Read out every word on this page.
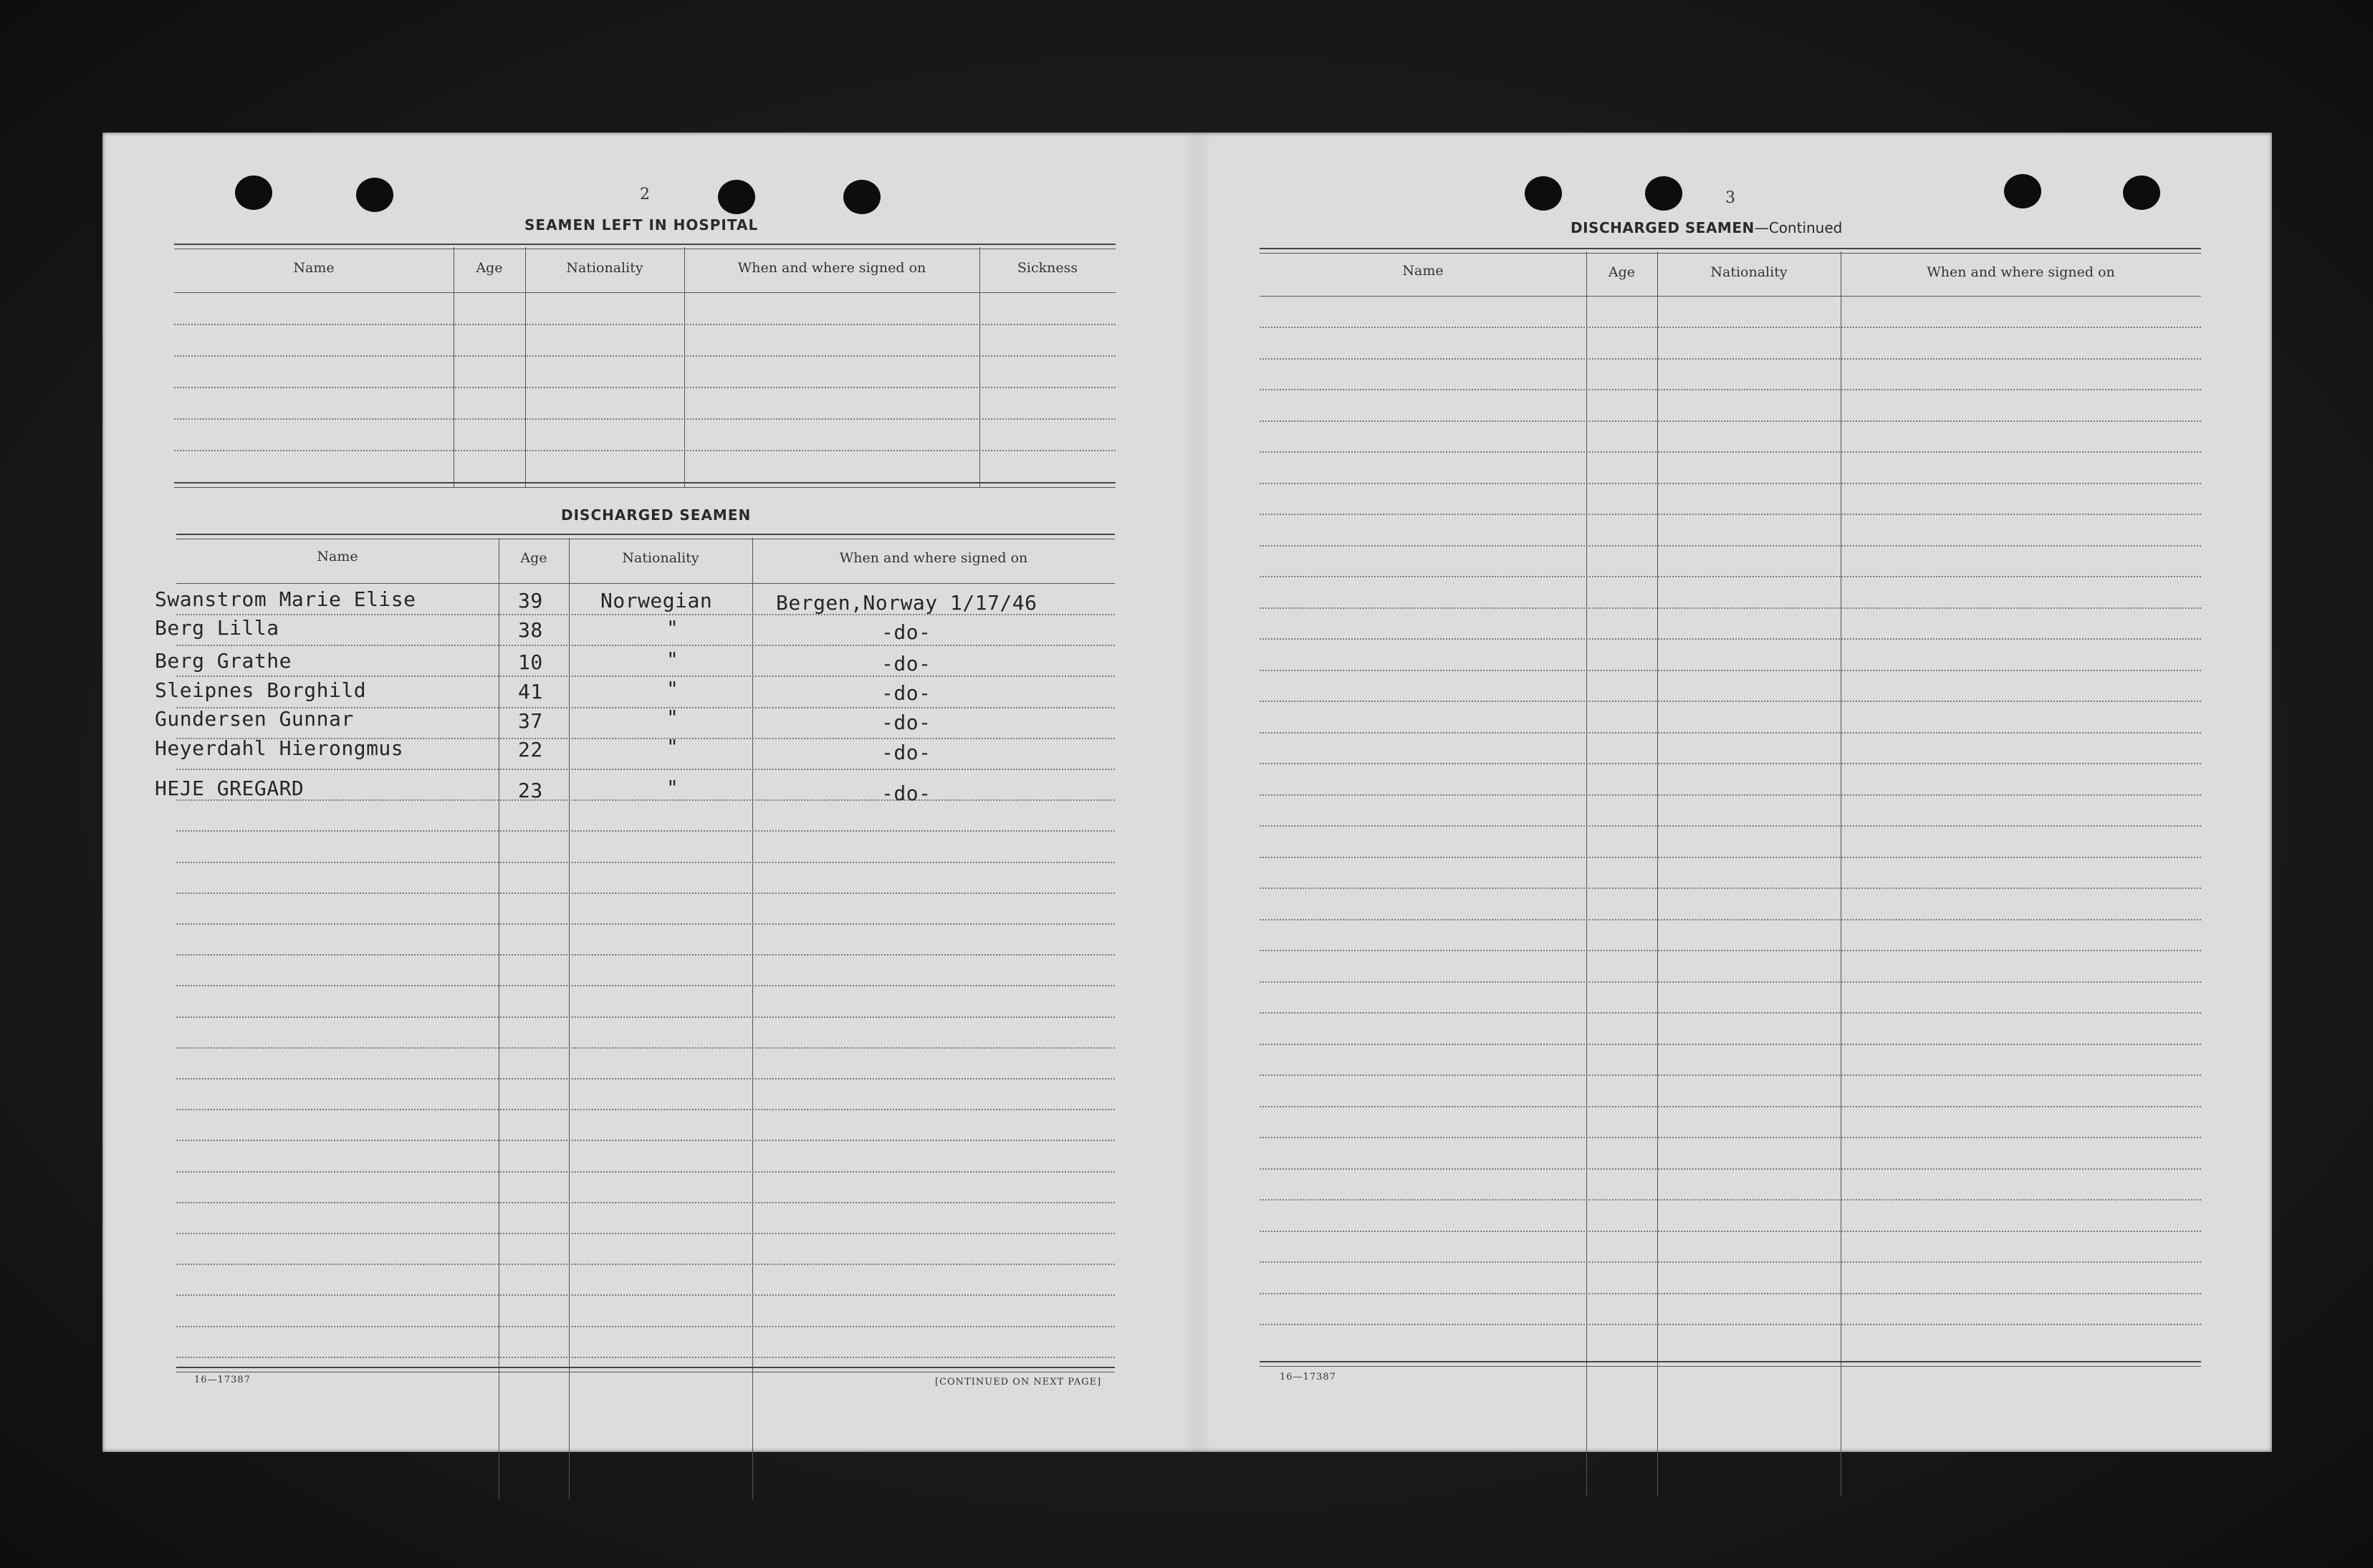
2
SEAMEN LEFT IN HOSPITAL
Name	Age	Nationality	When and where signed on	Sickness
DISCHARGED SEAMEN
Name	Age	Nationality	When and where signed on
Swanstrom Marie Elise	39	Norwegian	Bergen,Norway 1/17/46
Berg Lilla	38	"	-do-
Berg Grathe	10	"	-do-
Sleipnes Borghild	41	"	-do-
Gundersen Gunnar	37	"	-do-
Heyerdahl Hierongmus	22	"	-do-
HEJE GREGARD	23	"	-do-
16—17387	[CONTINUED ON NEXT PAGE]
3
DISCHARGED SEAMEN—Continued
Name	Age	Nationality	When and where signed on
16—17387
